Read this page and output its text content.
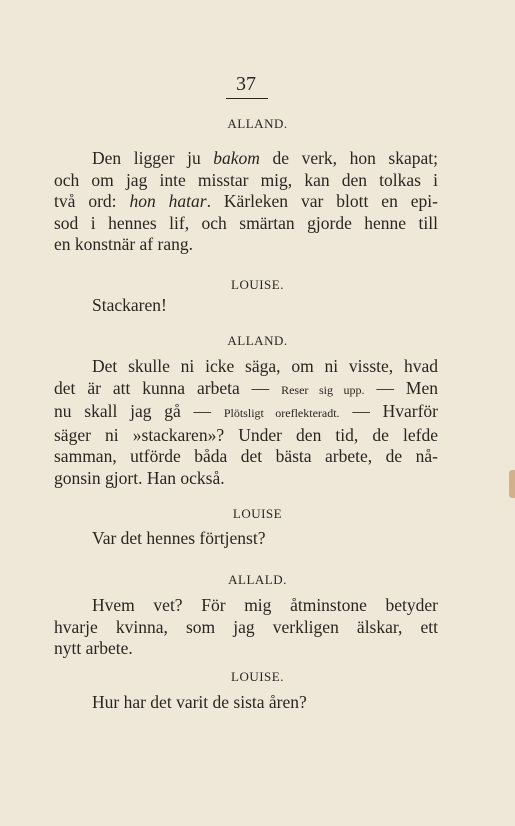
37
ALLAND.
Den ligger ju bakom de verk, hon skapat;
och om jag inte misstar mig, kan den tolkas i
två ord: hon hatar. Kärleken var blott en epi-
sod i hennes lif, och smärtan gjorde henne till
en konstnär af rang.
LOUISE.
Stackaren!
ALLAND.
Det skulle ni icke säga, om ni visste, hvad
det är att kunna arbeta — Reser sig upp. — Men
nu skall jag gå — Plötsligt oreflekteradt. — Hvarför
säger ni »stackaren»? Under den tid, de lefde
samman, utförde båda det bästa arbete, de nå-
gonsin gjort. Han också.
LOUISE
Var det hennes förtjenst?
ALLALD.
Hvem vet? För mig åtminstone betyder
hvarje kvinna, som jag verkligen älskar, ett
nytt arbete.
LOUISE.
Hur har det varit de sista åren?
